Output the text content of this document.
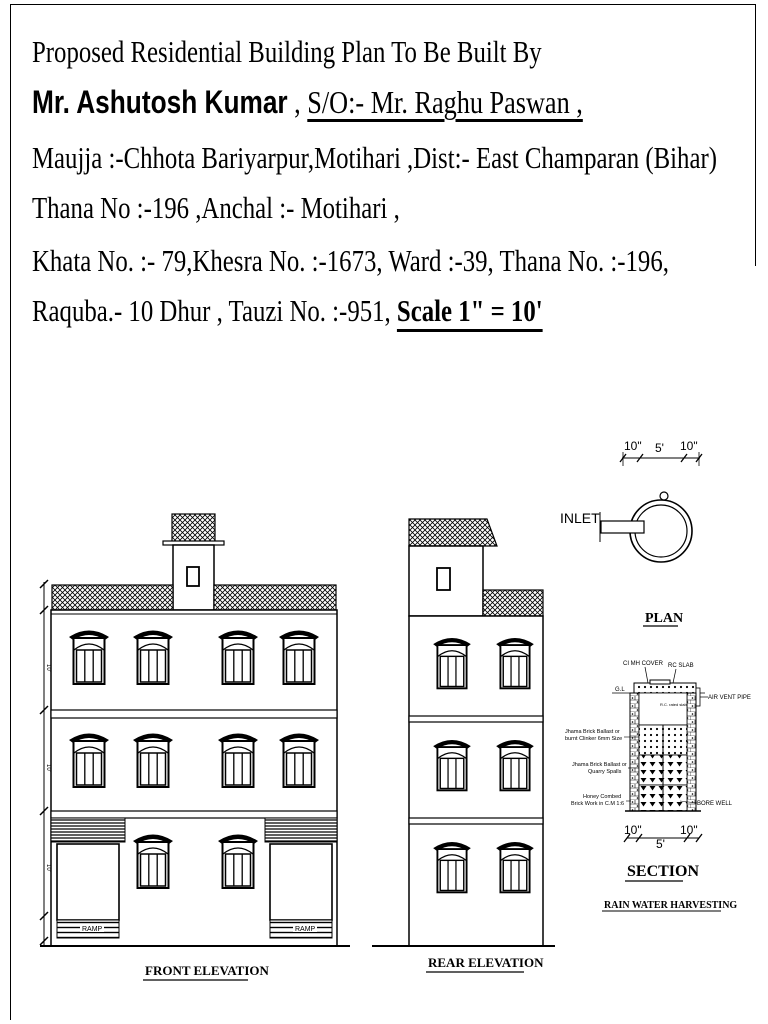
Proposed Residential Building Plan To Be Built By
Mr. Ashutosh Kumar , S/O:- Mr. Raghu Paswan ,
Maujja :-Chhota Bariyarpur,Motihari ,Dist:- East Champaran (Bihar)
Thana No :-196 ,Anchal :- Motihari ,
Khata No. :- 79,Khesra No. :-1673, Ward :-39, Thana No. :-196,
Raquba.- 10 Dhur , Tauzi No. :-951, Scale 1" = 10'
RAMP	RAMP
10'
10'
10'
FRONT ELEVATION
REAR ELEVATION
10" 5' 10"
INLET
PLAN
CI MH COVER RC SLAB
G.L
AIR VENT PIPE
R.C. rated slab
Jhama Brick Ballast or
burnt Clinker 6mm Size
Jhama Brick Ballast or
Quarry Spalls
Honey Combed
Brick Work in C.M 1:6	BORE WELL
10"
5'
10"
SECTION
RAIN WATER HARVESTING
